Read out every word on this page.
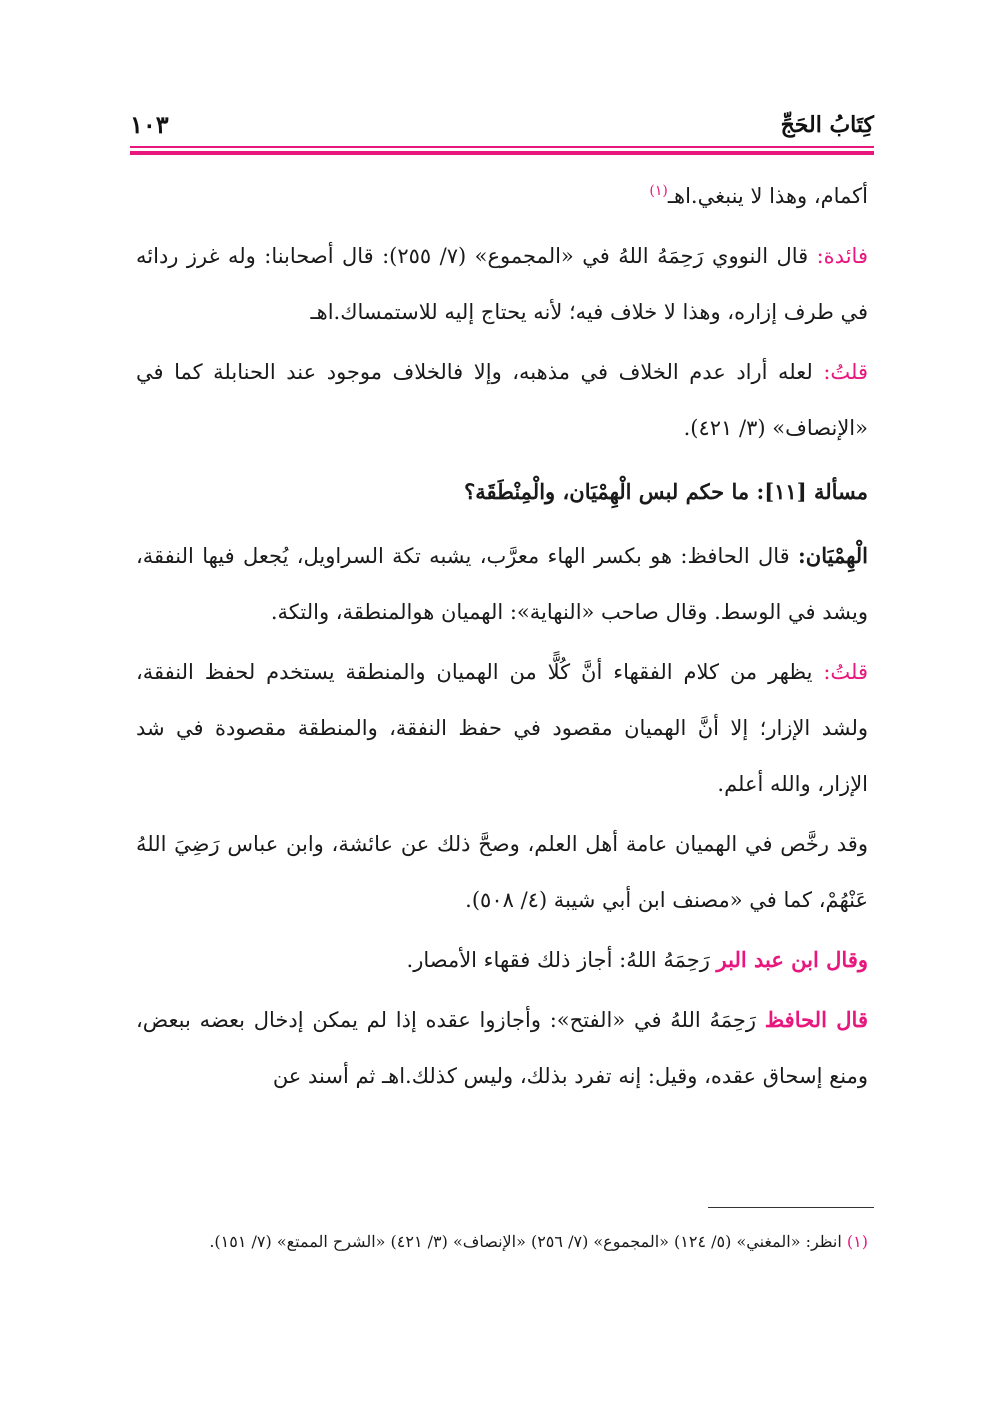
كِتَابُ الحَجِّ
١٠٣

أكمام، وهذا لا ينبغي.اهـ$^{(١)}$

فائدة: قال النووي رَحِمَهُ اللهُ في «المجموع» (٧/ ٢٥٥): قال أصحابنا: وله غرز ردائه في طرف إزاره، وهذا لا خلاف فيه؛ لأنه يحتاج إليه للاستمساك.اهـ

قلتُ: لعله أراد عدم الخلاف في مذهبه، وإلا فالخلاف موجود عند الحنابلة كما في «الإنصاف» (٣/ ٤٢١).

مسألة [١١]: ما حكم لبس الْهِمْيَان، والْمِنْطَقَة؟

الْهِمْيَان: قال الحافظ: هو بكسر الهاء معرَّب، يشبه تكة السراويل، يُجعل فيها النفقة، ويشد في الوسط. وقال صاحب «النهاية»: الهميان هوالمنطقة، والتكة.

قلتُ: يظهر من كلام الفقهاء أنَّ كُلًّا من الهميان والمنطقة يستخدم لحفظ النفقة، ولشد الإزار؛ إلا أنَّ الهميان مقصود في حفظ النفقة، والمنطقة مقصودة في شد الإزار، والله أعلم.

وقد رخَّص في الهميان عامة أهل العلم، وصحَّ ذلك عن عائشة، وابن عباس رَضِيَ اللهُ عَنْهُمْ، كما في «مصنف ابن أبي شيبة (٤/ ٥٠٨).

وقال ابن عبد البر رَحِمَهُ اللهُ: أجاز ذلك فقهاء الأمصار.

قال الحافظ رَحِمَهُ اللهُ في «الفتح»: وأجازوا عقده إذا لم يمكن إدخال بعضه ببعض، ومنع إسحاق عقده، وقيل: إنه تفرد بذلك، وليس كذلك.اهـ ثم أسند عن

(١) انظر: «المغني» (٥/ ١٢٤) «المجموع» (٧/ ٢٥٦) «الإنصاف» (٣/ ٤٢١) «الشرح الممتع» (٧/ ١٥١).
